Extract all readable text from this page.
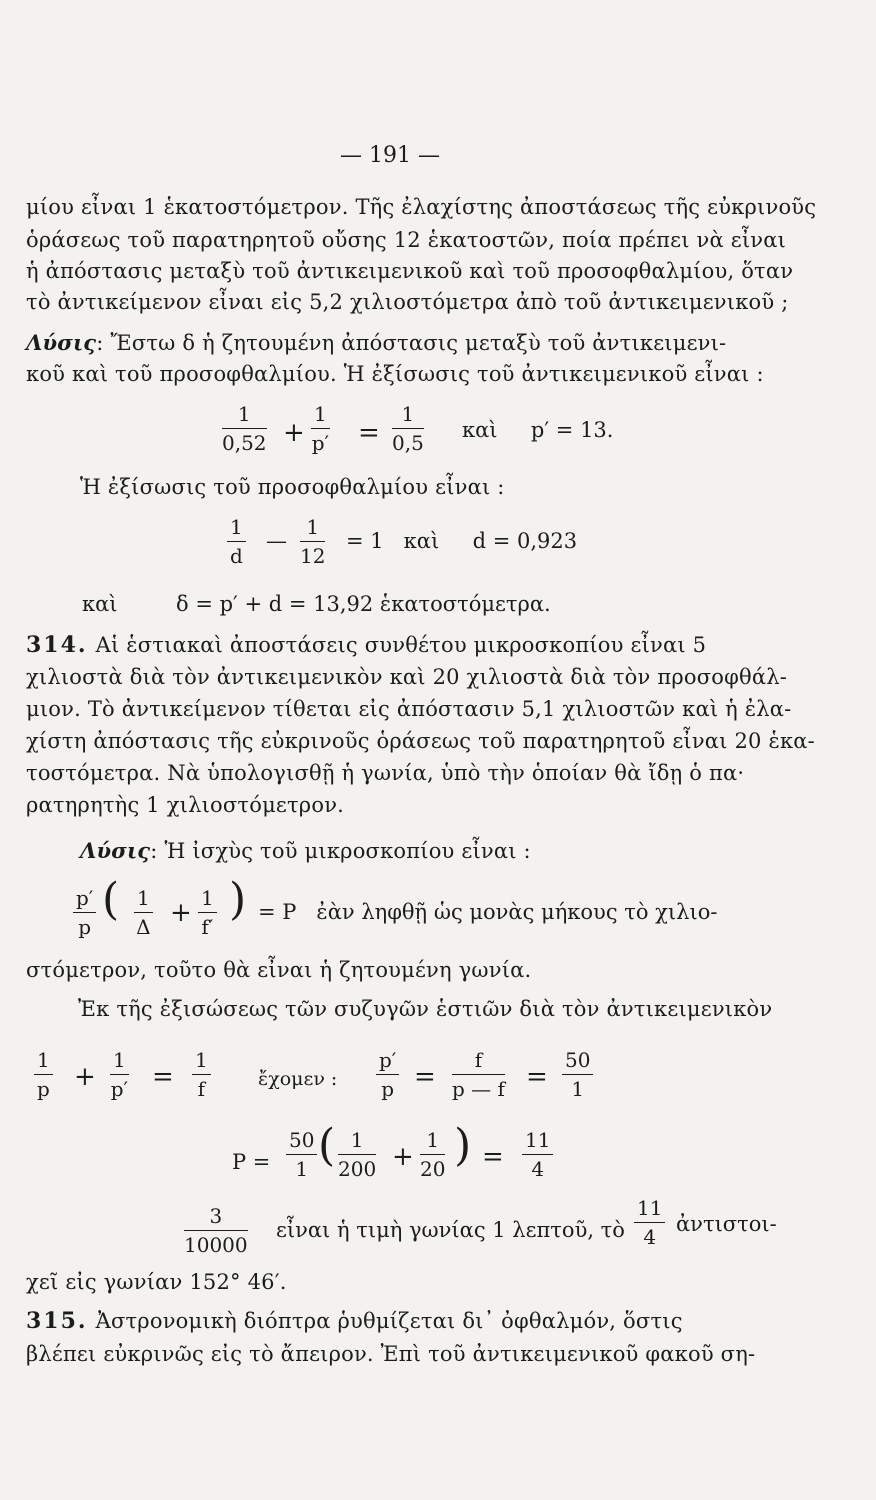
— 191 —
μίου εἶναι 1 ἑκατοστόμετρον. Τῆς ἐλαχίστης ἀποστάσεως τῆς εὐκρινοῦς
ὁράσεως τοῦ παρατηρητοῦ οὔσης 12 ἑκατοστῶν, ποία πρέπει νὰ εἶναι
ἡ ἀπόστασις μεταξὺ τοῦ ἀντικειμενικοῦ καὶ τοῦ προσοφθαλμίου, ὅταν
τὸ ἀντικείμενον εἶναι εἰς 5,2 χιλιοστόμετρα ἀπὸ τοῦ ἀντικειμενικοῦ ;
Λύσις: Ἔστω δ ἡ ζητουμένη ἀπόστασις μεταξὺ τοῦ ἀντικειμενι-
κοῦ καὶ τοῦ προσοφθαλμίου. Ἡ ἐξίσωσις τοῦ ἀντικειμενικοῦ εἶναι :
$\frac{1}{0,52} + \frac{1}{p'} = \frac{1}{0,5}$ καὶ     p′ = 13.
Ἡ ἐξίσωσις τοῦ προσοφθαλμίου εἶναι :
$\frac{1}{d}$ — $\frac{1}{12} = 1$   καὶ     d = 0,923
καὶ	δ = p′ + d = 13,92 ἑκατοστόμετρα.
314. Αἱ ἑστιακαὶ ἀποστάσεις συνθέτου μικροσκοπίου εἶναι 5
χιλιοστὰ διὰ τὸν ἀντικειμενικὸν καὶ 20 χιλιοστὰ διὰ τὸν προσοφθάλ-
μιον. Τὸ ἀντικείμενον τίθεται εἰς ἀπόστασιν 5,1 χιλιοστῶν καὶ ἡ ἐλα-
χίστη ἀπόστασις τῆς εὐκρινοῦς ὁράσεως τοῦ παρατηρητοῦ εἶναι 20 ἑκα-
τοστόμετρα. Νὰ ὑπολογισθῇ ἡ γωνία, ὑπὸ τὴν ὁποίαν θὰ ἴδῃ ὁ πα·
ρατηρητὴς 1 χιλιοστόμετρον.
Λύσις: Ἡ ἰσχὺς τοῦ μικροσκοπίου εἶναι :
$\frac{p'}{p}$ ( $\frac{1}{\Delta} + \frac{1}{f'}$ ) = P   ἐὰν ληφθῇ ὡς μονὰς μήκους τὸ χιλιο-
στόμετρον, τοῦτο θὰ εἶναι ἡ ζητουμένη γωνία.
Ἐκ τῆς ἐξισώσεως τῶν συζυγῶν ἑστιῶν διὰ τὸν ἀντικειμενικὸν
$\frac{1}{p} + \frac{1}{p'} = \frac{1}{f}$ ἔχομεν : $\frac{p'}{p} = \frac{f}{p — f} = \frac{50}{1}$
$P = \frac{50}{1}$ ( $\frac{1}{200} + \frac{1}{20}$ ) = $\frac{11}{4}$
$\frac{3}{10000}$ εἶναι ἡ τιμὴ γωνίας 1 λεπτοῦ, τὸ $\frac{11}{4}$ ἀντιστοι-
χεῖ εἰς γωνίαν 152° 46′.
315. Ἀστρονομικὴ διόπτρα ῥυθμίζεται δι᾽ ὀφθαλμόν, ὅστις
βλέπει εὐκρινῶς εἰς τὸ ἄπειρον. Ἐπὶ τοῦ ἀντικειμενικοῦ φακοῦ ση-
